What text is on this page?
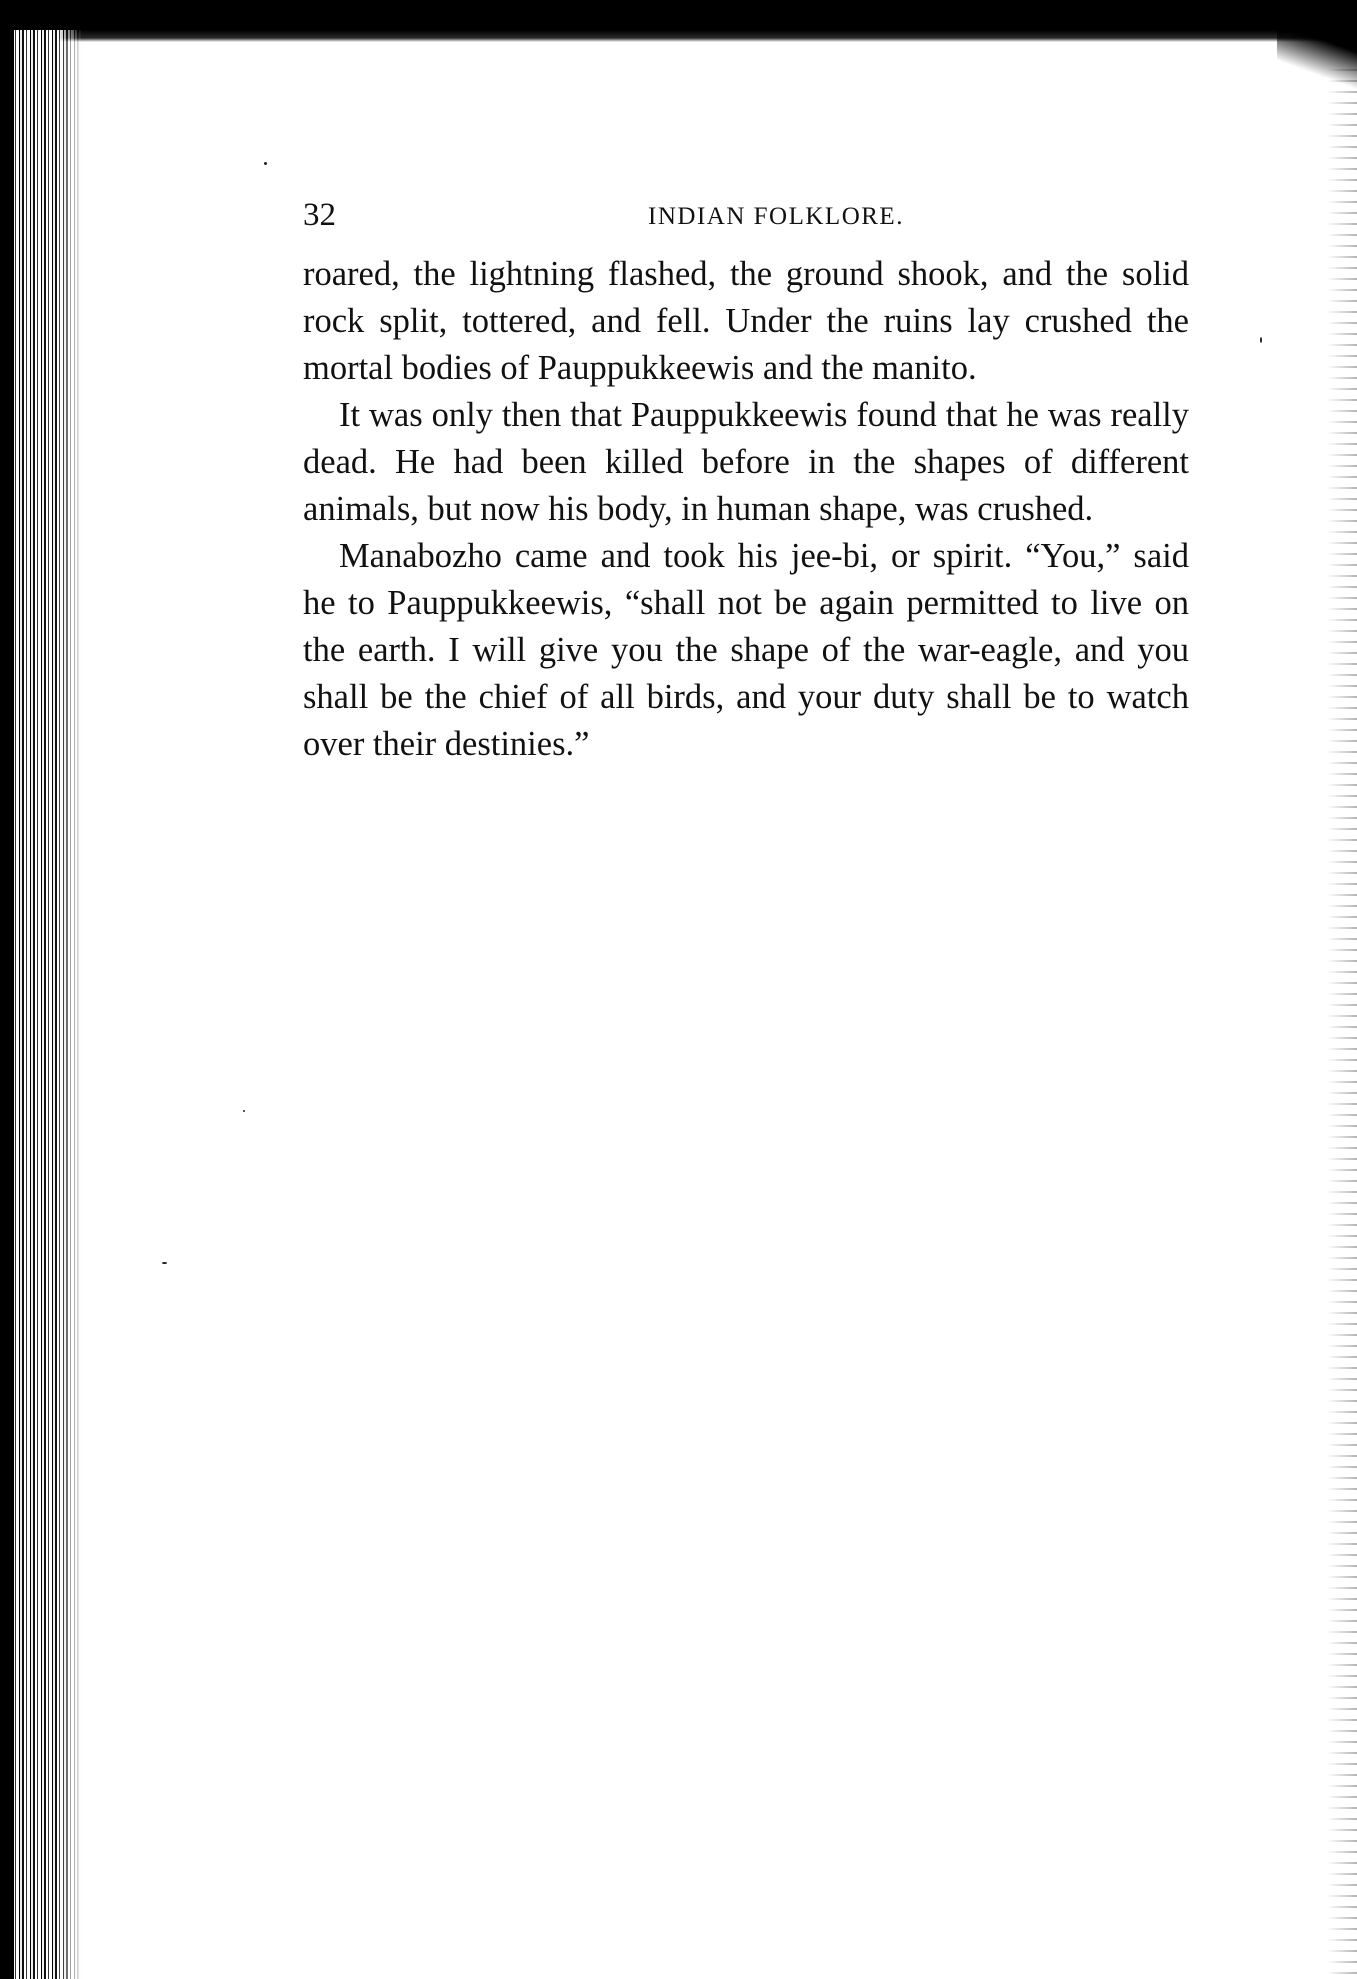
32	INDIAN FOLKLORE.

roared, the lightning flashed, the ground shook, and the solid rock split, tottered, and fell. Under the ruins lay crushed the mortal bodies of Pauppukkeewis and the manito.

It was only then that Pauppukkeewis found that he was really dead. He had been killed before in the shapes of different animals, but now his body, in human shape, was crushed.

Manabozho came and took his jee-bi, or spirit. “You,” said he to Pauppukkeewis, “shall not be again permitted to live on the earth. I will give you the shape of the war-eagle, and you shall be the chief of all birds, and your duty shall be to watch over their destinies.”
